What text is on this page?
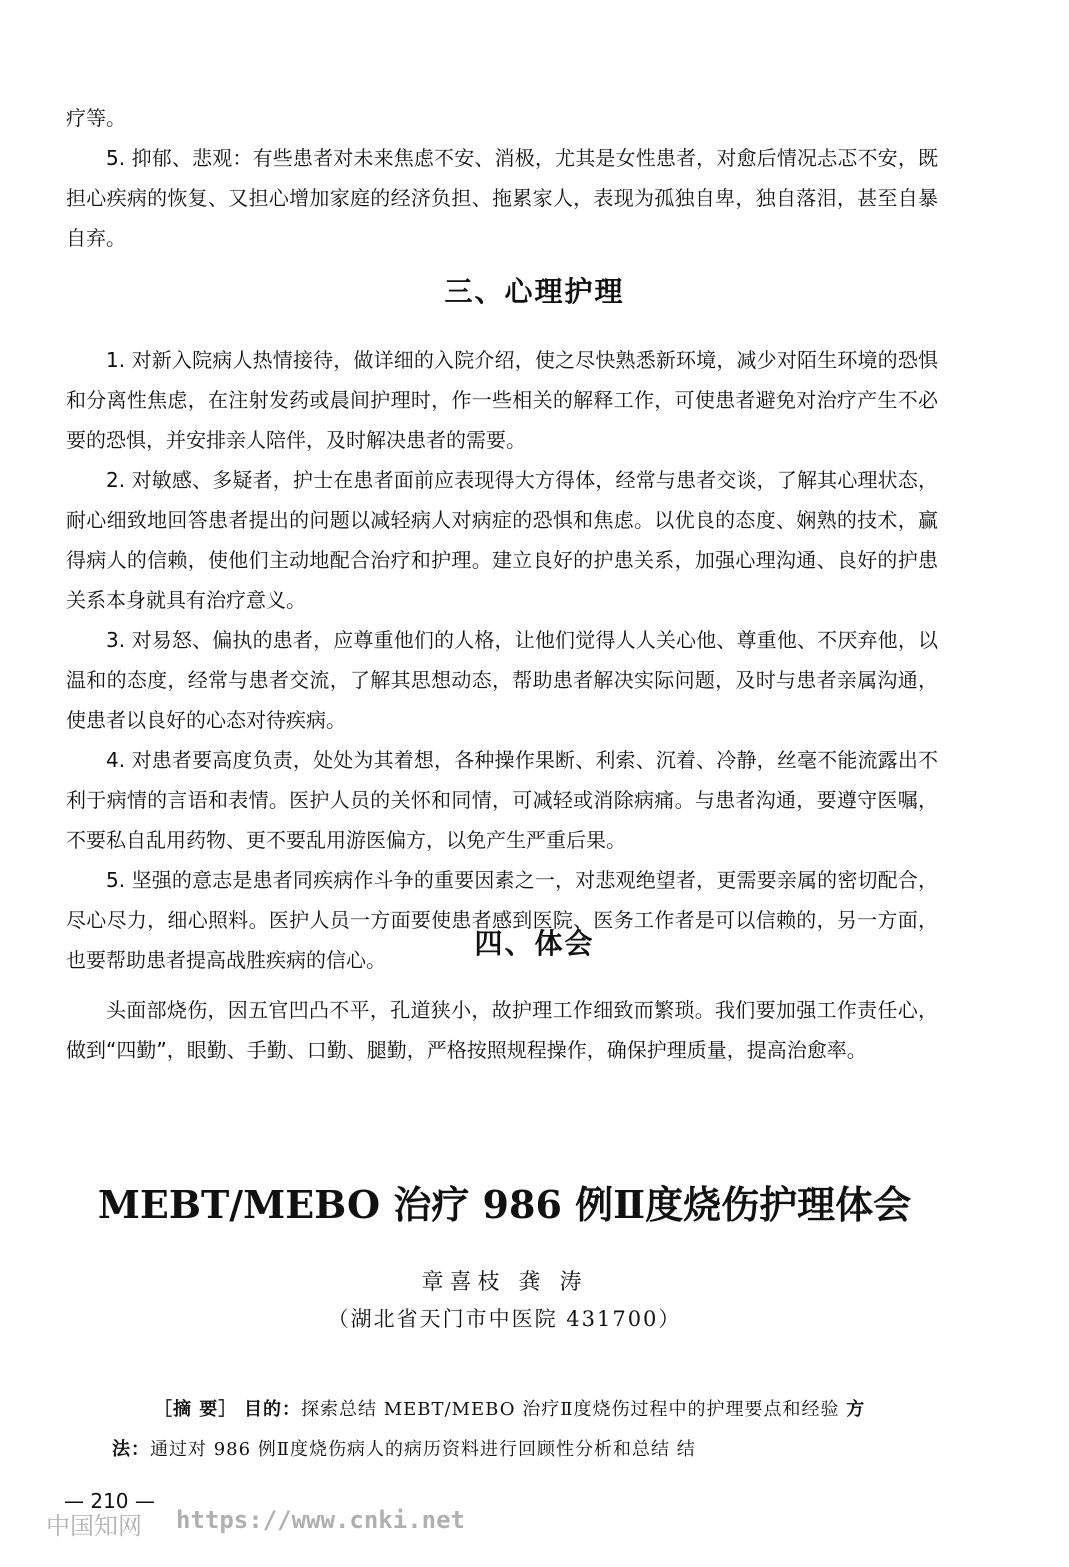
疗等。

5. 抑郁、悲观：有些患者对未来焦虑不安、消极，尤其是女性患者，对愈后情况忐忑不安，既担心疾病的恢复、又担心增加家庭的经济负担、拖累家人，表现为孤独自卑，独自落泪，甚至自暴自弃。

三、心理护理

1. 对新入院病人热情接待，做详细的入院介绍，使之尽快熟悉新环境，减少对陌生环境的恐惧和分离性焦虑，在注射发药或晨间护理时，作一些相关的解释工作，可使患者避免对治疗产生不必要的恐惧，并安排亲人陪伴，及时解决患者的需要。

2. 对敏感、多疑者，护士在患者面前应表现得大方得体，经常与患者交谈，了解其心理状态，耐心细致地回答患者提出的问题以减轻病人对病症的恐惧和焦虑。以优良的态度、娴熟的技术，赢得病人的信赖，使他们主动地配合治疗和护理。建立良好的护患关系，加强心理沟通、良好的护患关系本身就具有治疗意义。

3. 对易怒、偏执的患者，应尊重他们的人格，让他们觉得人人关心他、尊重他、不厌弃他，以温和的态度，经常与患者交流，了解其思想动态，帮助患者解决实际问题，及时与患者亲属沟通，使患者以良好的心态对待疾病。

4. 对患者要高度负责，处处为其着想，各种操作果断、利索、沉着、冷静，丝毫不能流露出不利于病情的言语和表情。医护人员的关怀和同情，可减轻或消除病痛。与患者沟通，要遵守医嘱，不要私自乱用药物、更不要乱用游医偏方，以免产生严重后果。

5. 坚强的意志是患者同疾病作斗争的重要因素之一，对悲观绝望者，更需要亲属的密切配合，尽心尽力，细心照料。医护人员一方面要使患者感到医院、医务工作者是可以信赖的，另一方面，也要帮助患者提高战胜疾病的信心。	四、体会

头面部烧伤，因五官凹凸不平，孔道狭小，故护理工作细致而繁琐。我们要加强工作责任心，做到“四勤”，眼勤、手勤、口勤、腿勤，严格按照规程操作，确保护理质量，提高治愈率。

MEBT/MEBO 治疗 986 例Ⅱ度烧伤护理体会
章喜枝 龚 涛
（湖北省天门市中医院 431700）

［摘 要］ 目的：探索总结 MEBT/MEBO 治疗Ⅱ度烧伤过程中的护理要点和经验 方法：通过对 986 例Ⅱ度烧伤病人的病历资料进行回顾性分析和总结 结

— 210 —
中国知网 https://www.cnki.net
